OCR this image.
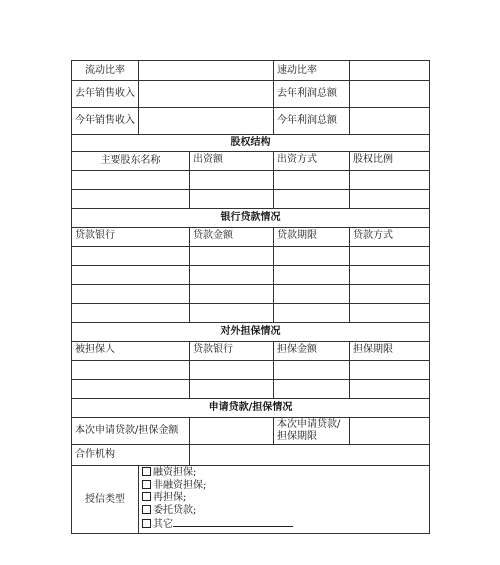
流动比率			速动比率	
去年销售收入			去年利润总额	
今年销售收入			今年利润总额	
股权结构				
主要股东名称		出资额	出资方式	股权比例

银行贷款情况				
贷款银行		贷款金额	贷款期限	贷款方式

对外担保情况				
被担保人		贷款银行	担保金额	担保期限

申请贷款/担保情况				
本次申请贷款/担保金额			本次申请贷款/担保期限	
合作机构				
授信类型	融资担保;
非融资担保;
再担保;
委托贷款;
其它			
